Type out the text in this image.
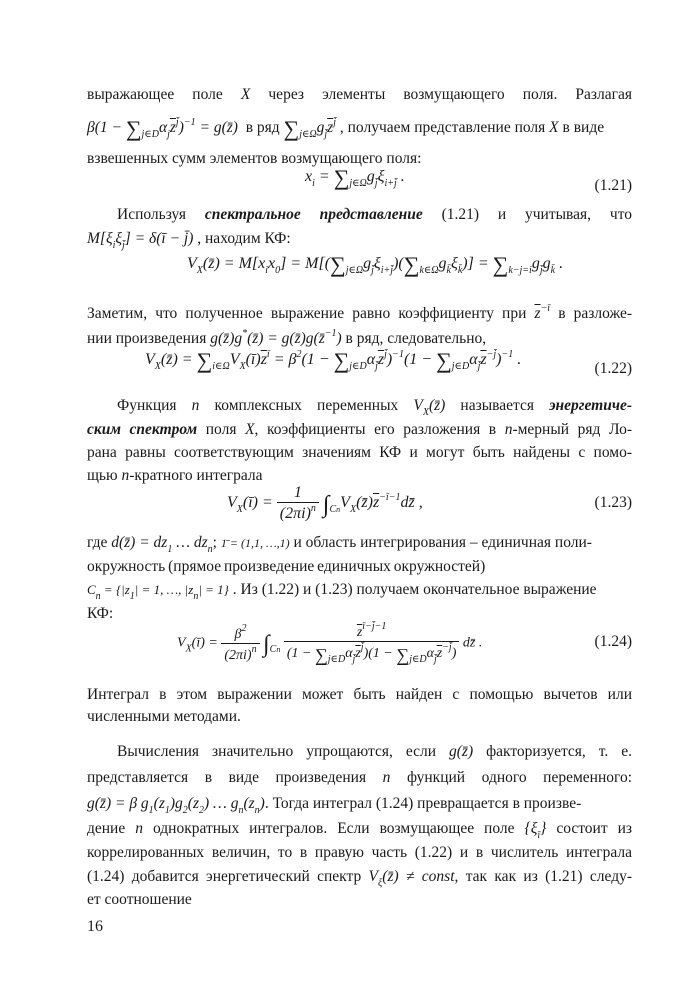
выражающее поле X через элементы возмущающего поля. Разлагая
$\beta(1 - \sum_{j\in D}\alpha_j\overline{z}^{j̄})^{-1}$ = g(z̄) в ряд $\sum_{j\in\Omega}g_{j̄}\overline{z}^{j̄}$ , получаем представление поля X в виде
взвешенных сумм элементов возмущающего поля:
$x_i = \sum_{j\in\Omega}g_{j̄}\xi_{i+j̄}$ .
(1.21)
Используя спектральное представление (1.21) и учитывая, что
$M[\xi_i\xi_{j̄}]$ = δ(ī − j̄) , находим КФ:
$V_X(z̄) = M[x_ix_0] = M[(\sum_{j\in\Omega}g_{j̄}\xi_{i+j̄})(\sum_{k\in\Omega}g_{k̄}\xi_{k̄})] = \sum_{k-j=i}g_{j̄}g_{k̄}$ .
Заметим, что полученное выражение равно коэффициенту при $\overline{z}^{-ī}$ в разложе-
нии произведения g(z̄)g*(z̄) = g(z̄)g(z̄$^{-1}$) в ряд, следовательно,
$V_X(z̄)$ = $\sum_{i\in\Omega}V_X(ī)\overline{z}^ī = \beta^2(1 - \sum_{j\in D}\alpha_{j̄}\overline{z}^{j̄})^{-1}(1 - \sum_{j\in D}\alpha_{j̄}\overline{z}^{-j̄})^{-1}$ .
(1.22)
Функция n комплексных переменных $V_X(z̄)$ называется энергетиче-
ским спектром поля X, коэффициенты его разложения в n-мерный ряд Ло-
рана равны соответствующим значениям КФ и могут быть найдены с помо-
щью n-кратного интеграла
$V_X(ī) = \frac{1}{(2\pi i)^n}$ $\int_{Cn}V_X(z̄)\overline{z}^{-ī-1}dz̄$ ,	(1.23)
где d(z̄) = $dz_1$ … $dz_n$; 1̄ = (1,1, …,1) и область интегрирования – единичная поли-
окружность (прямое произведение единичных окружностей)
$C_n = \{|z_1| = 1$, …, $|z_n| = 1$} . Из (1.22) и (1.23) получаем окончательное выражение
КФ:
$V_X(ī) = \frac{\beta^2}{(2\pi i)^n} \int_{Cn} \frac{\overline{z}^{ī-j̄-1}}{(1 - \sum_{j\in D}\alpha_{j̄}\overline{z}^{j̄})(1 - \sum_{j\in D}\alpha_{j̄}\overline{z}^{-j̄})}$ dz̄ .	(1.24)
Интеграл в этом выражении может быть найден с помощью вычетов или
численными методами.
Вычисления значительно упрощаются, если g(z̄) факторизуется, т. е.
представляется в виде произведения n функций одного переменного:
g(z̄) = β $g_1(z_1)g_2(z_2)$ … $g_n(z_n)$. Тогда интеграл (1.24) превращается в произве-
дение n однократных интегралов. Если возмущающее поле $\{\xi_ī\}$ состоит из
коррелированных величин, то в правую часть (1.22) и в числитель интеграла
(1.24) добавится энергетический спектр $V_\xi(z̄)$ ≠ const, так как из (1.21) следу-
ет соотношение
16
